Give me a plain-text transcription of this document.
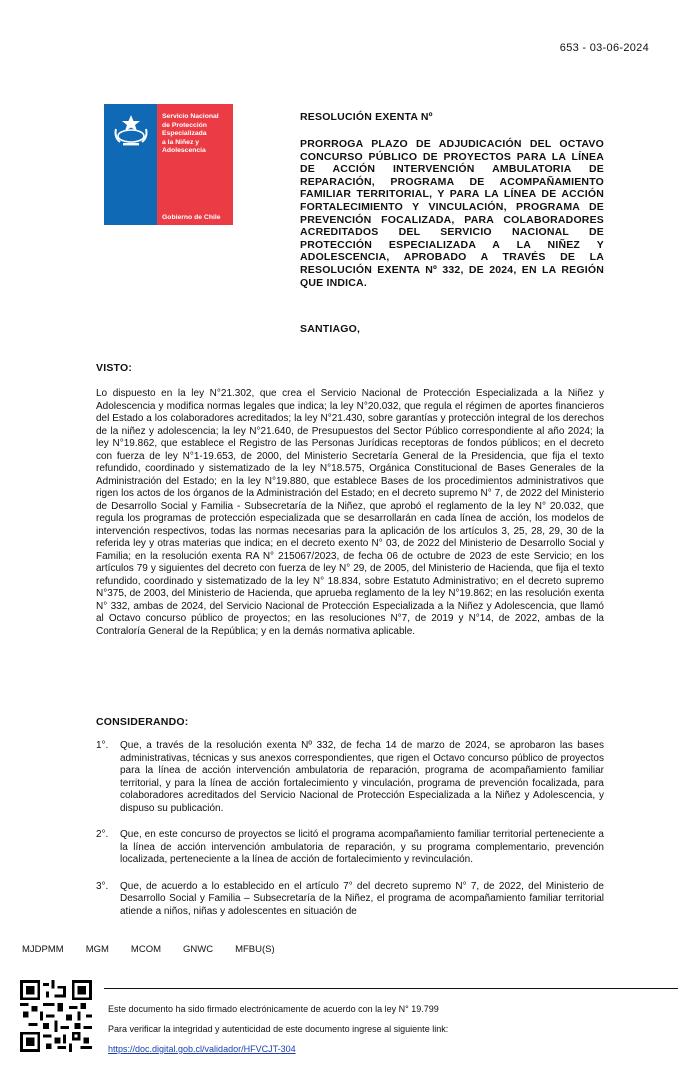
653 - 03-06-2024
Servicio Nacional
de Protección
Especializada
a la Niñez y
Adolescencia
Gobierno de Chile
RESOLUCIÓN EXENTA Nº
PRORROGA PLAZO DE ADJUDICACIÓN DEL OCTAVO CONCURSO PÚBLICO DE PROYECTOS PARA LA LÍNEA DE ACCIÓN INTERVENCIÓN AMBULATORIA DE REPARACIÓN, PROGRAMA DE ACOMPAÑAMIENTO FAMILIAR TERRITORIAL, Y PARA LA LÍNEA DE ACCIÓN FORTALECIMIENTO Y VINCULACIÓN, PROGRAMA DE PREVENCIÓN FOCALIZADA, PARA COLABORADORES ACREDITADOS DEL SERVICIO NACIONAL DE PROTECCIÓN ESPECIALIZADA A LA NIÑEZ Y ADOLESCENCIA, APROBADO A TRAVÉS DE LA RESOLUCIÓN EXENTA Nº 332, DE 2024, EN LA REGIÓN QUE INDICA.
SANTIAGO,
VISTO:
Lo dispuesto en la ley N°21.302, que crea el Servicio Nacional de Protección Especializada a la Niñez y Adolescencia y modifica normas legales que indica; la ley N°20.032, que regula el régimen de aportes financieros del Estado a los colaboradores acreditados; la ley N°21.430, sobre garantías y protección integral de los derechos de la niñez y adolescencia; la ley N°21.640, de Presupuestos del Sector Público correspondiente al año 2024; la ley N°19.862, que establece el Registro de las Personas Jurídicas receptoras de fondos públicos; en el decreto con fuerza de ley N°1-19.653, de 2000, del Ministerio Secretaría General de la Presidencia, que fija el texto refundido, coordinado y sistematizado de la ley N°18.575, Orgánica Constitucional de Bases Generales de la Administración del Estado; en la ley N°19.880, que establece Bases de los procedimientos administrativos que rigen los actos de los órganos de la Administración del Estado; en el decreto supremo N° 7, de 2022 del Ministerio de Desarrollo Social y Familia - Subsecretaría de la Niñez, que aprobó el reglamento de la ley N° 20.032, que regula los programas de protección especializada que se desarrollarán en cada línea de acción, los modelos de intervención respectivos, todas las normas necesarias para la aplicación de los artículos 3, 25, 28, 29, 30 de la referida ley y otras materias que indica; en el decreto exento N° 03, de 2022 del Ministerio de Desarrollo Social y Familia; en la resolución exenta RA N° 215067/2023, de fecha 06 de octubre de 2023 de este Servicio; en los artículos 79 y siguientes del decreto con fuerza de ley N° 29, de 2005, del Ministerio de Hacienda, que fija el texto refundido, coordinado y sistematizado de la ley N° 18.834, sobre Estatuto Administrativo; en el decreto supremo N°375, de 2003, del Ministerio de Hacienda, que aprueba reglamento de la ley N°19.862; en las resolución exenta N° 332, ambas de 2024, del Servicio Nacional de Protección Especializada a la Niñez y Adolescencia, que llamó al Octavo concurso público de proyectos; en las resoluciones N°7, de 2019 y N°14, de 2022, ambas de la Contraloría General de la República; y en la demás normativa aplicable.
CONSIDERANDO:
1°.	Que, a través de la resolución exenta Nº 332, de fecha 14 de marzo de 2024, se aprobaron las bases administrativas, técnicas y sus anexos correspondientes, que rigen el Octavo concurso público de proyectos para la línea de acción intervención ambulatoria de reparación, programa de acompañamiento familiar territorial, y para la línea de acción fortalecimiento y vinculación, programa de prevención focalizada, para colaboradores acreditados del Servicio Nacional de Protección Especializada a la Niñez y Adolescencia, y dispuso su publicación.
2°.	Que, en este concurso de proyectos se licitó el programa acompañamiento familiar territorial perteneciente a la línea de acción intervención ambulatoria de reparación, y su programa complementario, prevención localizada, perteneciente a la línea de acción de fortalecimiento y revinculación.
3°.	Que, de acuerdo a lo establecido en el artículo 7° del decreto supremo N° 7, de 2022, del Ministerio de Desarrollo Social y Familia – Subsecretaría de la Niñez, el programa de acompañamiento familiar territorial atiende a niños, niñas y adolescentes en situación de
MJDPMM MGM MCOM GNWC MFBU(S)
Este documento ha sido firmado electrónicamente de acuerdo con la ley N° 19.799
Para verificar la integridad y autenticidad de este documento ingrese al siguiente link:
https://doc.digital.gob.cl/validador/HFVCJT-304
